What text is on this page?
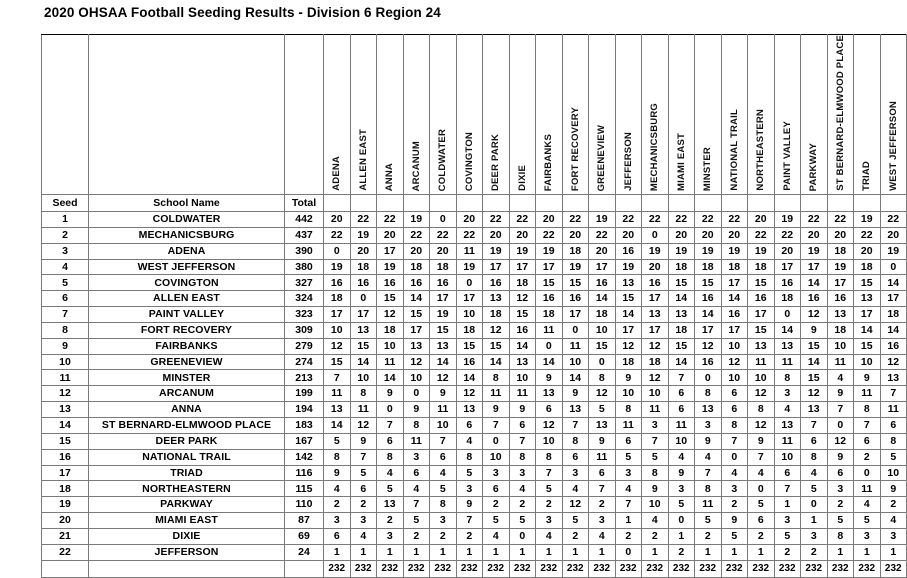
2020 OHSAA Football Seeding Results - Division 6 Region 24

			ADENA	ALLEN EAST	ANNA	ARCANUM	COLDWATER	COVINGTON	DEER PARK	DIXIE	FAIRBANKS	FORT RECOVERY	GREENEVIEW	JEFFERSON	MECHANICSBURG	MIAMI EAST	MINSTER	NATIONAL TRAIL	NORTHEASTERN	PAINT VALLEY	PARKWAY	ST BERNARD-ELMWOOD PLACE	TRIAD	WEST JEFFERSON

Seed	School Name	Total																						
1	COLDWATER	442	20	22	22	19	0	20	22	22	20	22	19	22	22	22	22	22	20	19	22	22	19	22
2	MECHANICSBURG	437	22	19	20	22	22	22	20	20	22	20	22	20	0	20	20	20	22	22	20	20	22	20
3	ADENA	390	0	20	17	20	20	11	19	19	19	18	20	16	19	19	19	19	19	20	19	18	20	19
4	WEST JEFFERSON	380	19	18	19	18	18	19	17	17	17	19	17	19	20	18	18	18	18	17	17	19	18	0
5	COVINGTON	327	16	16	16	16	16	0	16	18	15	15	16	13	16	15	15	17	15	16	14	17	15	14
6	ALLEN EAST	324	18	0	15	14	17	17	13	12	16	16	14	15	17	14	16	14	16	18	16	16	13	17
7	PAINT VALLEY	323	17	17	12	15	19	10	18	15	18	17	18	14	13	13	14	16	17	0	12	13	17	18
8	FORT RECOVERY	309	10	13	18	17	15	18	12	16	11	0	10	17	17	18	17	17	15	14	9	18	14	14
9	FAIRBANKS	279	12	15	10	13	13	15	15	14	0	11	15	12	12	15	12	10	13	13	15	10	15	16
10	GREENEVIEW	274	15	14	11	12	14	16	14	13	14	10	0	18	18	14	16	12	11	11	14	11	10	12
11	MINSTER	213	7	10	14	10	12	14	8	10	9	14	8	9	12	7	0	10	10	8	15	4	9	13
12	ARCANUM	199	11	8	9	0	9	12	11	11	13	9	12	10	10	6	8	6	12	3	12	9	11	7
13	ANNA	194	13	11	0	9	11	13	9	9	6	13	5	8	11	6	13	6	8	4	13	7	8	11
14	ST BERNARD-ELMWOOD PLACE	183	14	12	7	8	10	6	7	6	12	7	13	11	3	11	3	8	12	13	7	0	7	6
15	DEER PARK	167	5	9	6	11	7	4	0	7	10	8	9	6	7	10	9	7	9	11	6	12	6	8
16	NATIONAL TRAIL	142	8	7	8	3	6	8	10	8	8	6	11	5	5	4	4	0	7	10	8	9	2	5
17	TRIAD	116	9	5	4	6	4	5	3	3	7	3	6	3	8	9	7	4	4	6	4	6	0	10
18	NORTHEASTERN	115	4	6	5	4	5	3	6	4	5	4	7	4	9	3	8	3	0	7	5	3	11	9
19	PARKWAY	110	2	2	13	7	8	9	2	2	2	12	2	7	10	5	11	2	5	1	0	2	4	2
20	MIAMI EAST	87	3	3	2	5	3	7	5	5	3	5	3	1	4	0	5	9	6	3	1	5	5	4
21	DIXIE	69	6	4	3	2	2	2	4	0	4	2	4	2	2	1	2	5	2	5	3	8	3	3
22	JEFFERSON	24	1	1	1	1	1	1	1	1	1	1	1	0	1	2	1	1	1	2	2	1	1	1
			232	232	232	232	232	232	232	232	232	232	232	232	232	232	232	232	232	232	232	232	232	232
